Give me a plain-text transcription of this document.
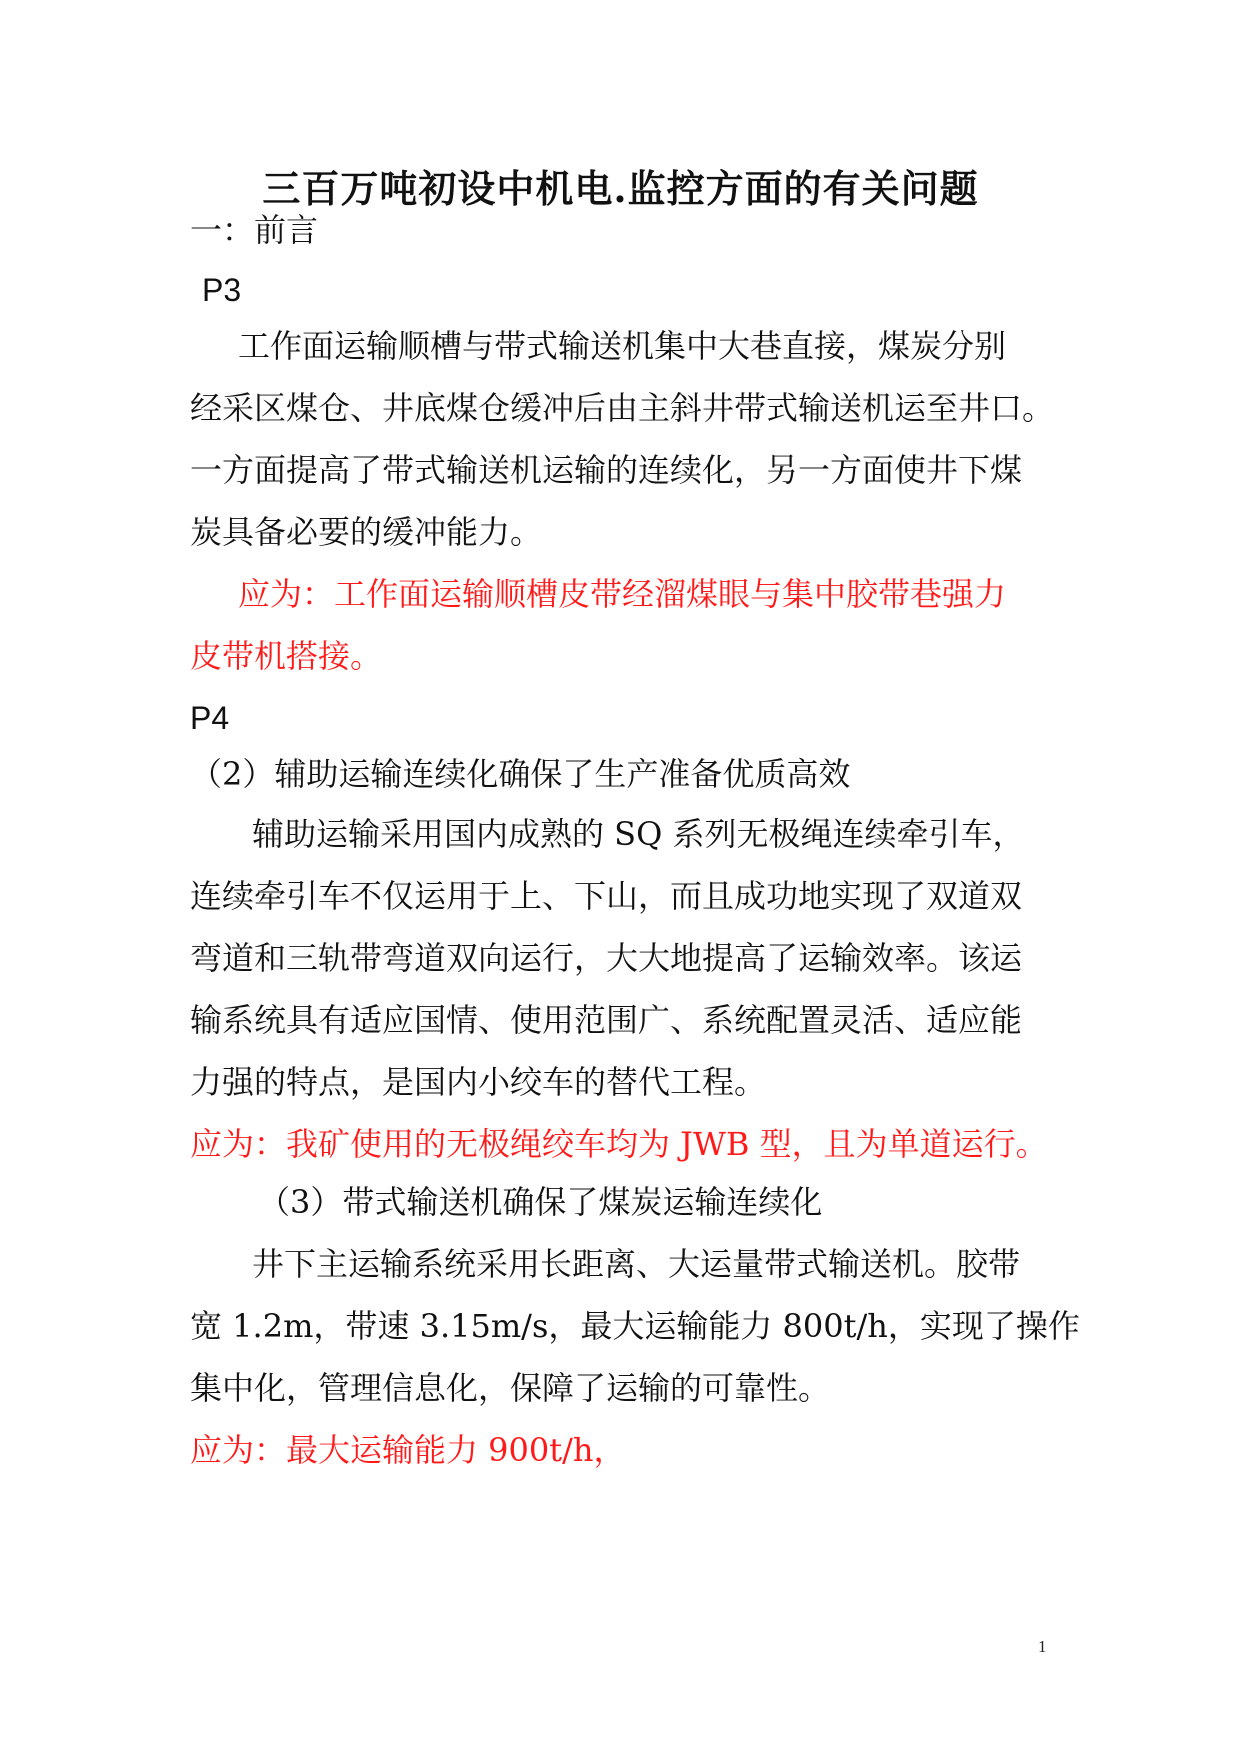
三百万吨初设中机电.监控方面的有关问题
一：前言
P3
工作面运输顺槽与带式输送机集中大巷直接，煤炭分别
经采区煤仓、井底煤仓缓冲后由主斜井带式输送机运至井口。
一方面提高了带式输送机运输的连续化，另一方面使井下煤
炭具备必要的缓冲能力。
应为：工作面运输顺槽皮带经溜煤眼与集中胶带巷强力
皮带机搭接。
P4
（2）辅助运输连续化确保了生产准备优质高效
辅助运输采用国内成熟的 SQ 系列无极绳连续牵引车，
连续牵引车不仅运用于上、下山，而且成功地实现了双道双
弯道和三轨带弯道双向运行，大大地提高了运输效率。该运
输系统具有适应国情、使用范围广、系统配置灵活、适应能
力强的特点，是国内小绞车的替代工程。
应为：我矿使用的无极绳绞车均为 JWB 型，且为单道运行。
（3）带式输送机确保了煤炭运输连续化
井下主运输系统采用长距离、大运量带式输送机。胶带
宽 1.2m，带速 3.15m/s，最大运输能力 800t/h，实现了操作
集中化，管理信息化，保障了运输的可靠性。
应为：最大运输能力 900t/h，
1
